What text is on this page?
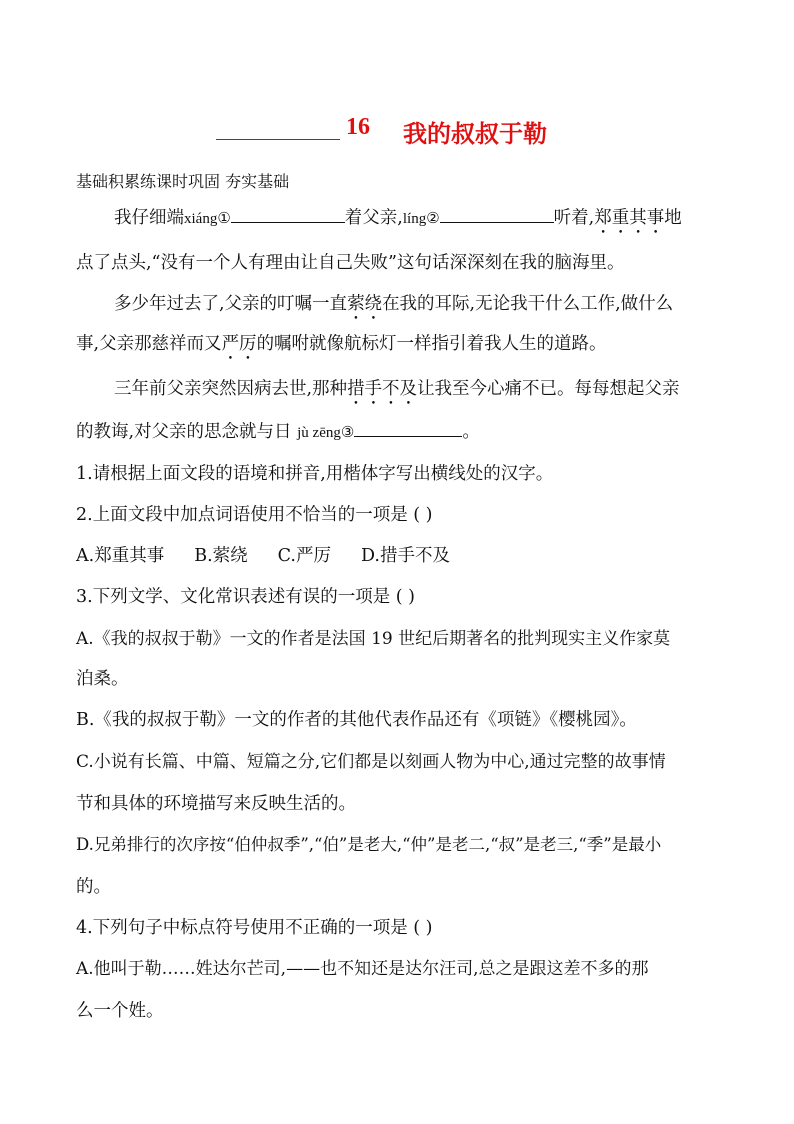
16 我的叔叔于勒
基础积累练课时巩固 夯实基础
我仔细端xiáng①	着父亲,líng②	听着,郑重其事地
点了点头,“没有一个人有理由让自己失败”这句话深深刻在我的脑海里。
多少年过去了,父亲的叮嘱一直萦绕在我的耳际,无论我干什么工作,做什么
事,父亲那慈祥而又严厉的嘱咐就像航标灯一样指引着我人生的道路。
三年前父亲突然因病去世,那种措手不及让我至今心痛不已。每每想起父亲
的教诲,对父亲的思念就与日 jù zēng③	。
1.请根据上面文段的语境和拼音,用楷体字写出横线处的汉字。
2.上面文段中加点词语使用不恰当的一项是 ( )
A.郑重其事 B.萦绕 C.严厉 D.措手不及
3.下列文学、文化常识表述有误的一项是 ( )
A.《我的叔叔于勒》一文的作者是法国 19 世纪后期著名的批判现实主义作家莫
泊桑。
B.《我的叔叔于勒》一文的作者的其他代表作品还有《项链》《樱桃园》。
C.小说有长篇、中篇、短篇之分,它们都是以刻画人物为中心,通过完整的故事情
节和具体的环境描写来反映生活的。
D.兄弟排行的次序按“伯仲叔季”,“伯”是老大,“仲”是老二,“叔”是老三,“季”是最小
的。
4.下列句子中标点符号使用不正确的一项是 ( )
A.他叫于勒……姓达尔芒司,——也不知还是达尔汪司,总之是跟这差不多的那
么一个姓。
